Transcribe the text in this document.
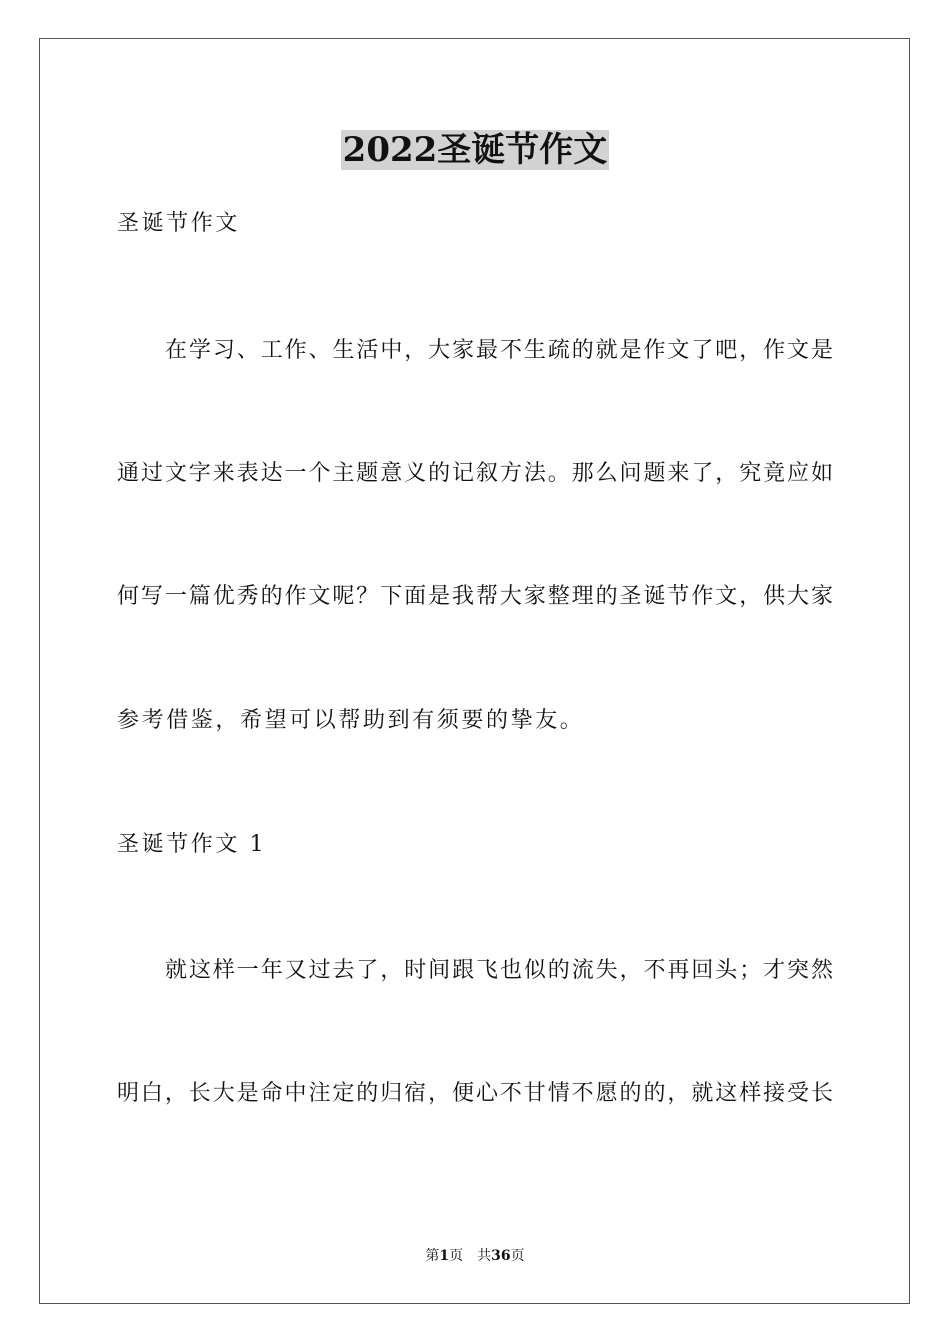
2022圣诞节作文
圣诞节作文
在学习、工作、生活中，大家最不生疏的就是作文了吧，作文是
通过文字来表达一个主题意义的记叙方法。那么问题来了，究竟应如
何写一篇优秀的作文呢？下面是我帮大家整理的圣诞节作文，供大家
参考借鉴，希望可以帮助到有须要的挚友。
圣诞节作文 1
就这样一年又过去了，时间跟飞也似的流失，不再回头；才突然
明白，长大是命中注定的归宿，便心不甘情不愿的的，就这样接受长
第1页　共36页
